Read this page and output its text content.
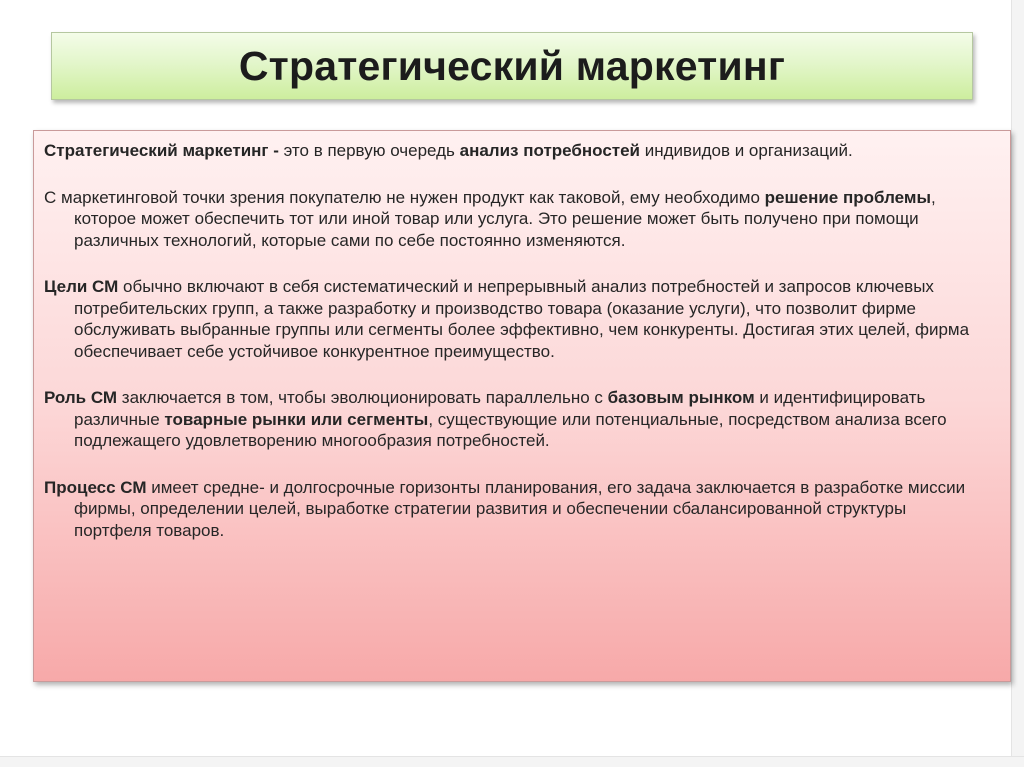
Стратегический маркетинг

Стратегический маркетинг - это в первую очередь анализ потребностей индивидов и организаций.

С маркетинговой точки зрения покупателю не нужен продукт как таковой, ему необходимо решение проблемы, которое может обеспечить тот или иной товар или услуга. Это решение может быть получено при помощи различных технологий, которые сами по себе постоянно изменяются.

Цели СМ обычно включают в себя систематический и непрерывный анализ потребностей и запросов ключевых потребительских групп, а также разработку и производство товара (оказание услуги), что позволит фирме обслуживать выбранные группы или сегменты более эффективно, чем конкуренты. Достигая этих целей, фирма обеспечивает себе устойчивое конкурентное преимущество.

Роль СМ заключается в том, чтобы эволюционировать параллельно с базовым рынком и идентифицировать различные товарные рынки или сегменты, существующие или потенциальные, посредством анализа всего подлежащего удовлетворению многообразия потребностей.

Процесс СМ имеет средне- и долгосрочные горизонты планирования, его задача заключается в разработке миссии фирмы, определении целей, выработке стратегии развития и обеспечении сбалансированной структуры портфеля товаров.
